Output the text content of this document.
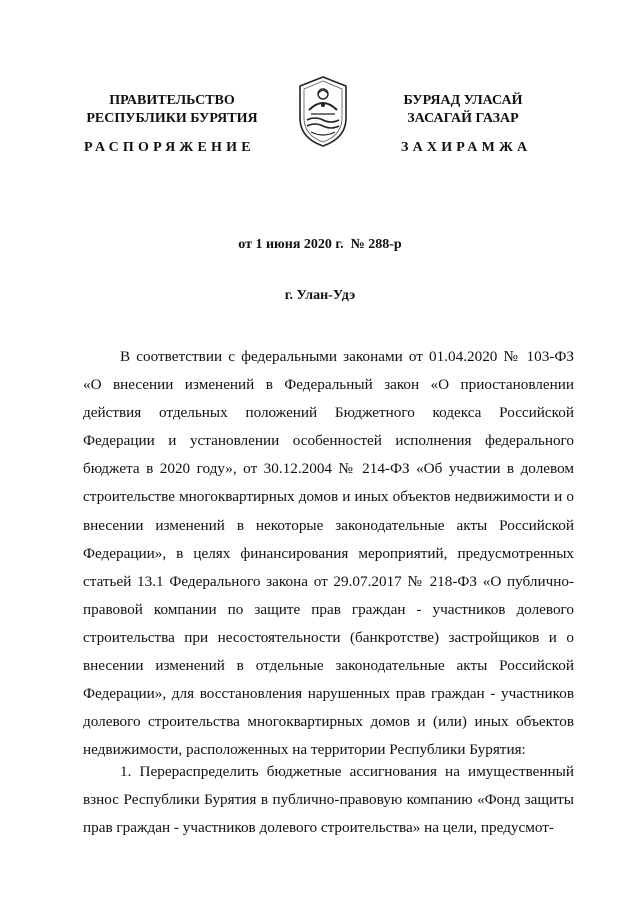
ПРАВИТЕЛЬСТВО
РЕСПУБЛИКИ БУРЯТИЯ
БУРЯАД УЛАСАЙ
ЗАСАГАЙ ГАЗАР
РАСПОРЯЖЕНИЕ	ЗАХИРАМЖА
от 1 июня 2020 г.  № 288-р
г. Улан-Удэ

В соответствии с федеральными законами от 01.04.2020 № 103-ФЗ «О внесении изменений в Федеральный закон «О приостановлении действия отдельных положений Бюджетного кодекса Российской Федерации и установлении особенностей исполнения федерального бюджета в 2020 году», от 30.12.2004 № 214-ФЗ «Об участии в долевом строительстве многоквартирных домов и иных объектов недвижимости и о внесении изменений в некоторые законодательные акты Российской Федерации», в целях финансирования мероприятий, предусмотренных статьей 13.1 Федерального закона от 29.07.2017 № 218-ФЗ «О публично-правовой компании по защите прав граждан - участников долевого строительства при несостоятельности (банкротстве) застройщиков и о внесении изменений в отдельные законодательные акты Российской Федерации», для восстановления нарушенных прав граждан - участников долевого строительства многоквартирных домов и (или) иных объектов недвижимости, расположенных на территории Республики Бурятия:

1. Перераспределить бюджетные ассигнования на имущественный взнос Республики Бурятия в публично-правовую компанию «Фонд защиты прав граждан - участников долевого строительства» на цели, предусмот-
